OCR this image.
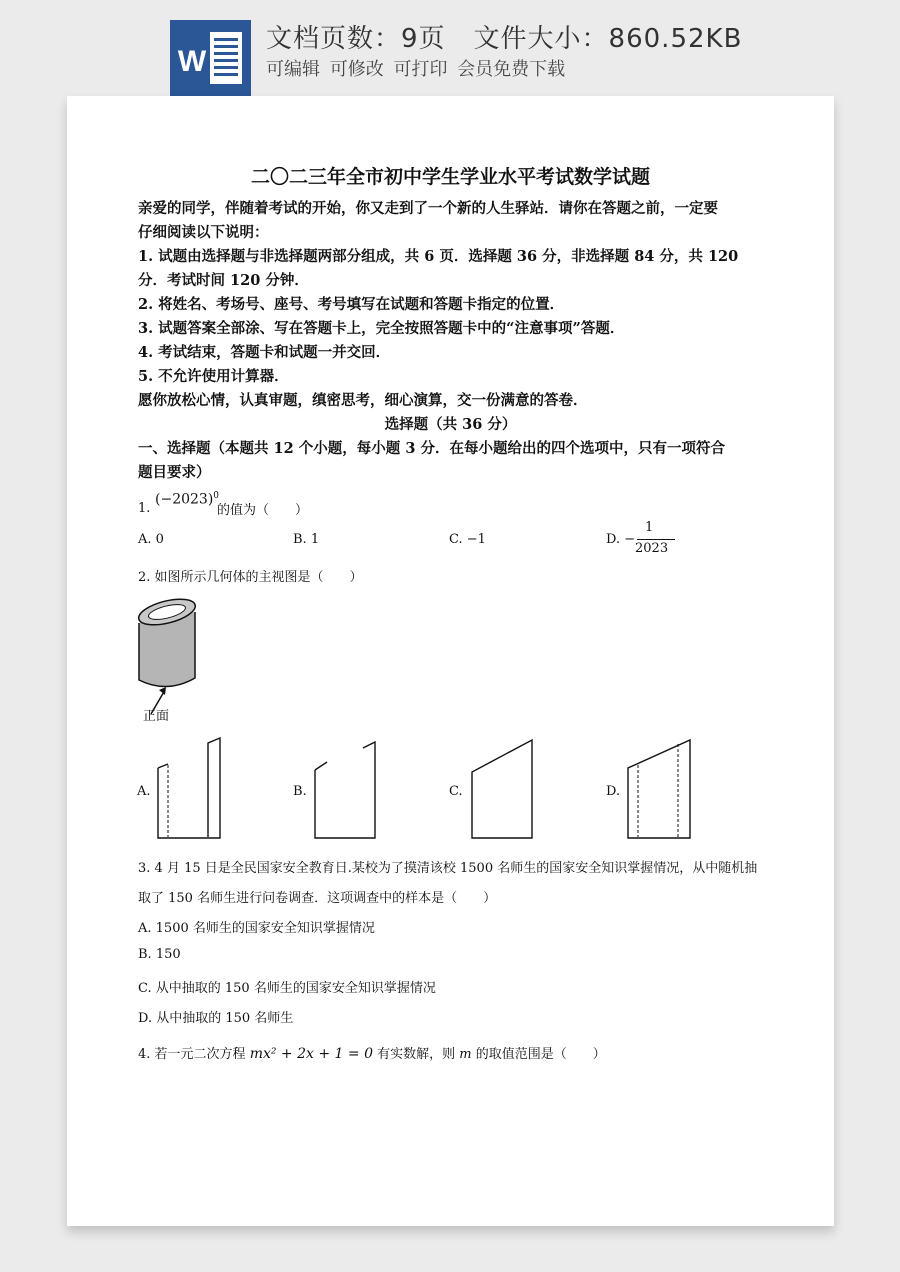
W
文档页数：9页 文件大小：860.52KB
可编辑 可修改 可打印 会员免费下载
二〇二三年全市初中学生学业水平考试数学试题
亲爱的同学，伴随着考试的开始，你又走到了一个新的人生驿站．请你在答题之前，一定要
仔细阅读以下说明：
1. 试题由选择题与非选择题两部分组成，共 6 页．选择题 36 分，非选择题 84 分，共 120
分．考试时间 120 分钟．
2. 将姓名、考场号、座号、考号填写在试题和答题卡指定的位置．
3. 试题答案全部涂、写在答题卡上，完全按照答题卡中的“注意事项”答题．
4. 考试结束，答题卡和试题一并交回．
5. 不允许使用计算器．
愿你放松心情，认真审题，缜密思考，细心演算，交一份满意的答卷．
选择题（共 36 分）
一、选择题（本题共 12 个小题，每小题 3 分．在每小题给出的四个选项中，只有一项符合
题目要求）
1.
$(-2023)^0$
的值为（　　）
A. 0	B. 1	C. −1	D. −
1
2023
2. 如图所示几何体的主视图是（　　）
正面
A.	B.	C.	D.
3. 4 月 15 日是全民国家安全教育日.某校为了摸清该校 1500 名师生的国家安全知识掌握情况，从中随机抽
取了 150 名师生进行问卷调查．这项调查中的样本是（　　）
A. 1500 名师生的国家安全知识掌握情况
B. 150
C. 从中抽取的 150 名师生的国家安全知识掌握情况
D. 从中抽取的 150 名师生
4. 若一元二次方程 mx² + 2x + 1 = 0 有实数解，则 m 的取值范围是（　　）
